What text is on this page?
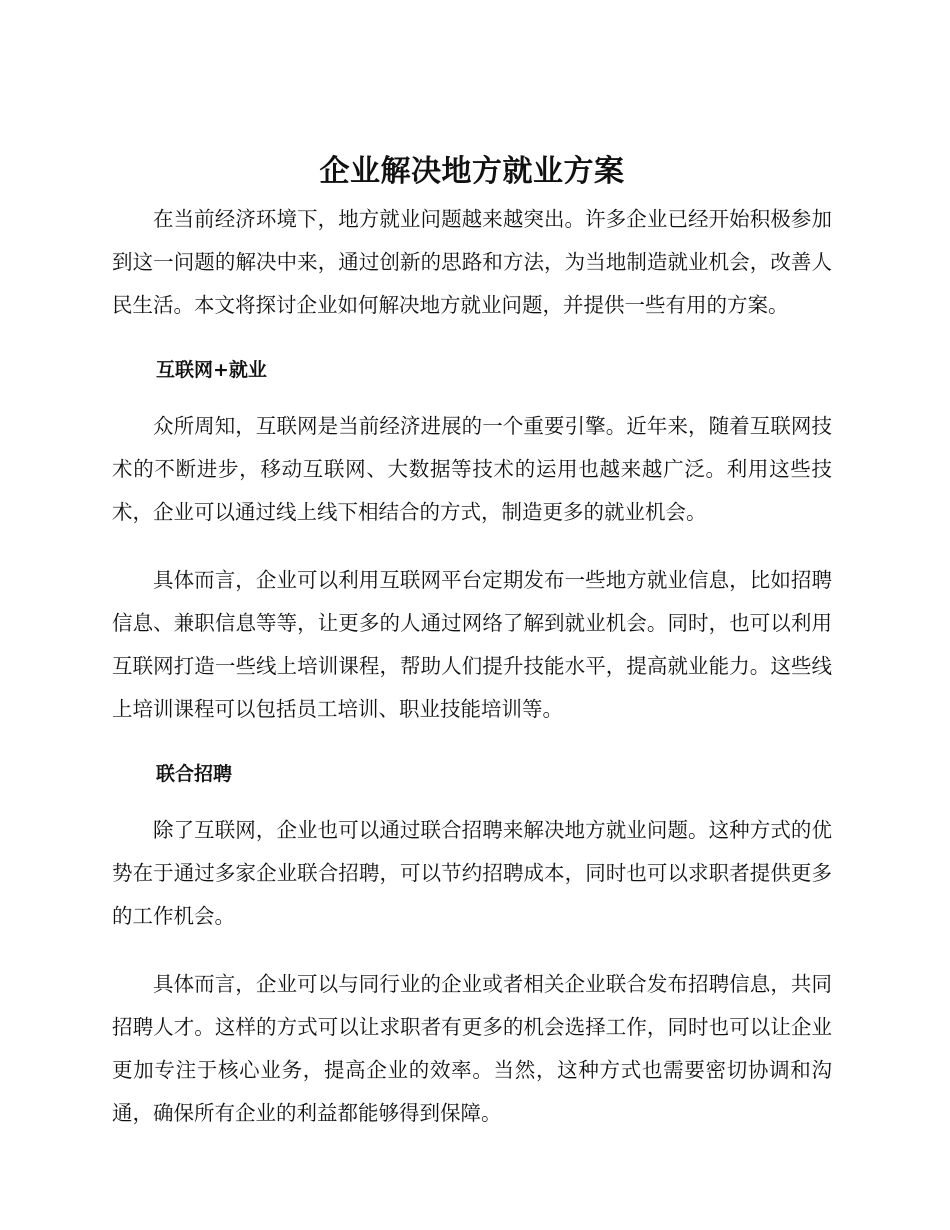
企业解决地方就业方案

在当前经济环境下，地方就业问题越来越突出。许多企业已经开始积极参加到这一问题的解决中来，通过创新的思路和方法，为当地制造就业机会，改善人民生活。本文将探讨企业如何解决地方就业问题，并提供一些有用的方案。

互联网+就业

众所周知，互联网是当前经济进展的一个重要引擎。近年来，随着互联网技术的不断进步，移动互联网、大数据等技术的运用也越来越广泛。利用这些技术，企业可以通过线上线下相结合的方式，制造更多的就业机会。

具体而言，企业可以利用互联网平台定期发布一些地方就业信息，比如招聘信息、兼职信息等等，让更多的人通过网络了解到就业机会。同时，也可以利用互联网打造一些线上培训课程，帮助人们提升技能水平，提高就业能力。这些线上培训课程可以包括员工培训、职业技能培训等。

联合招聘

除了互联网，企业也可以通过联合招聘来解决地方就业问题。这种方式的优势在于通过多家企业联合招聘，可以节约招聘成本，同时也可以求职者提供更多的工作机会。

具体而言，企业可以与同行业的企业或者相关企业联合发布招聘信息，共同招聘人才。这样的方式可以让求职者有更多的机会选择工作，同时也可以让企业更加专注于核心业务，提高企业的效率。当然，这种方式也需要密切协调和沟通，确保所有企业的利益都能够得到保障。
